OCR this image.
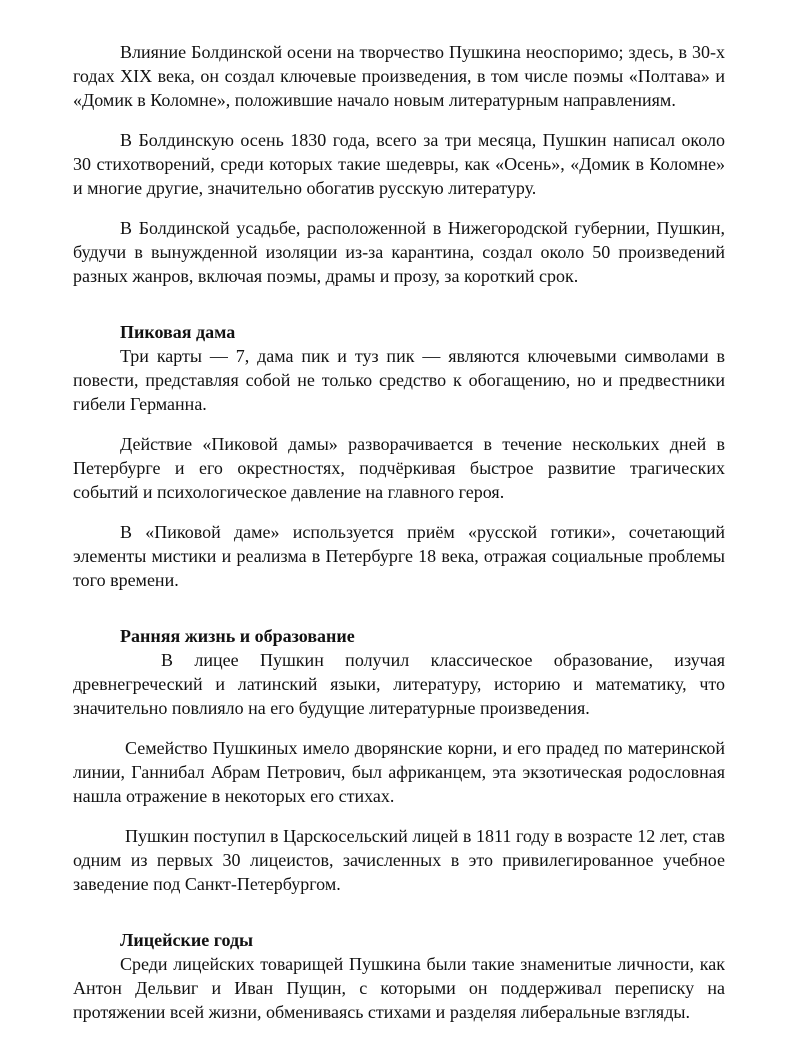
Влияние Болдинской осени на творчество Пушкина неоспоримо; здесь, в 30-х годах XIX века, он создал ключевые произведения, в том числе поэмы «Полтава» и «Домик в Коломне», положившие начало новым литературным направлениям.

В Болдинскую осень 1830 года, всего за три месяца, Пушкин написал около 30 стихотворений, среди которых такие шедевры, как «Осень», «Домик в Коломне» и многие другие, значительно обогатив русскую литературу.

В Болдинской усадьбе, расположенной в Нижегородской губернии, Пушкин, будучи в вынужденной изоляции из-за карантина, создал около 50 произведений разных жанров, включая поэмы, драмы и прозу, за короткий срок.

Пиковая дама

Три карты — 7, дама пик и туз пик — являются ключевыми символами в повести, представляя собой не только средство к обогащению, но и предвестники гибели Германна.

Действие «Пиковой дамы» разворачивается в течение нескольких дней в Петербурге и его окрестностях, подчёркивая быстрое развитие трагических событий и психологическое давление на главного героя.

В «Пиковой даме» используется приём «русской готики», сочетающий элементы мистики и реализма в Петербурге 18 века, отражая социальные проблемы того времени.

Ранняя жизнь и образование

В лицее Пушкин получил классическое образование, изучая древнегреческий и латинский языки, литературу, историю и математику, что значительно повлияло на его будущие литературные произведения.

Семейство Пушкиных имело дворянские корни, и его прадед по материнской линии, Ганнибал Абрам Петрович, был африканцем, эта экзотическая родословная нашла отражение в некоторых его стихах.

Пушкин поступил в Царскосельский лицей в 1811 году в возрасте 12 лет, став одним из первых 30 лицеистов, зачисленных в это привилегированное учебное заведение под Санкт-Петербургом.

Лицейские годы

Среди лицейских товарищей Пушкина были такие знаменитые личности, как Антон Дельвиг и Иван Пущин, с которыми он поддерживал переписку на протяжении всей жизни, обмениваясь стихами и разделяя либеральные взгляды.
